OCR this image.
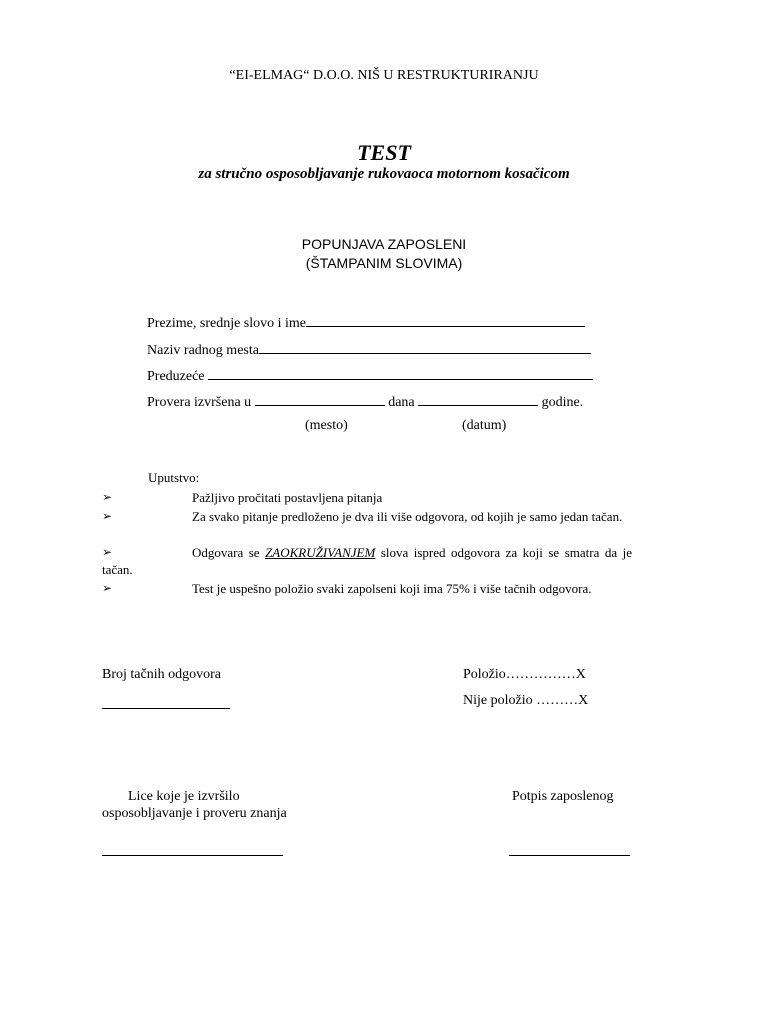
“EI-ELMAG“ D.O.O. NIŠ U RESTRUKTURIRANJU
TEST
za stručno osposobljavanje rukovaoca motornom kosačicom
POPUNJAVA ZAPOSLENI
(ŠTAMPANIM SLOVIMA)
Prezime, srednje slovo i ime
Naziv radnog mesta
Preduzeće
Provera izvršena u	dana	godine.
(mesto)	(datum)
Uputstvo:
➢	Pažljivo pročitati postavljena pitanja
➢	Za svako pitanje predloženo je dva ili više odgovora, od kojih je samo jedan tačan.
➢	Odgovara se ZAOKRUŽIVANJEM slova ispred odgovora za koji se smatra da je tačan.
➢	Test je uspešno položio svaki zapolseni koji ima 75% i više tačnih odgovora.
Broj tačnih odgovora	Položio……………X
Nije položio ………X
Lice koje je izvršilo
osposobljavanje i proveru znanja
Potpis zaposlenog
